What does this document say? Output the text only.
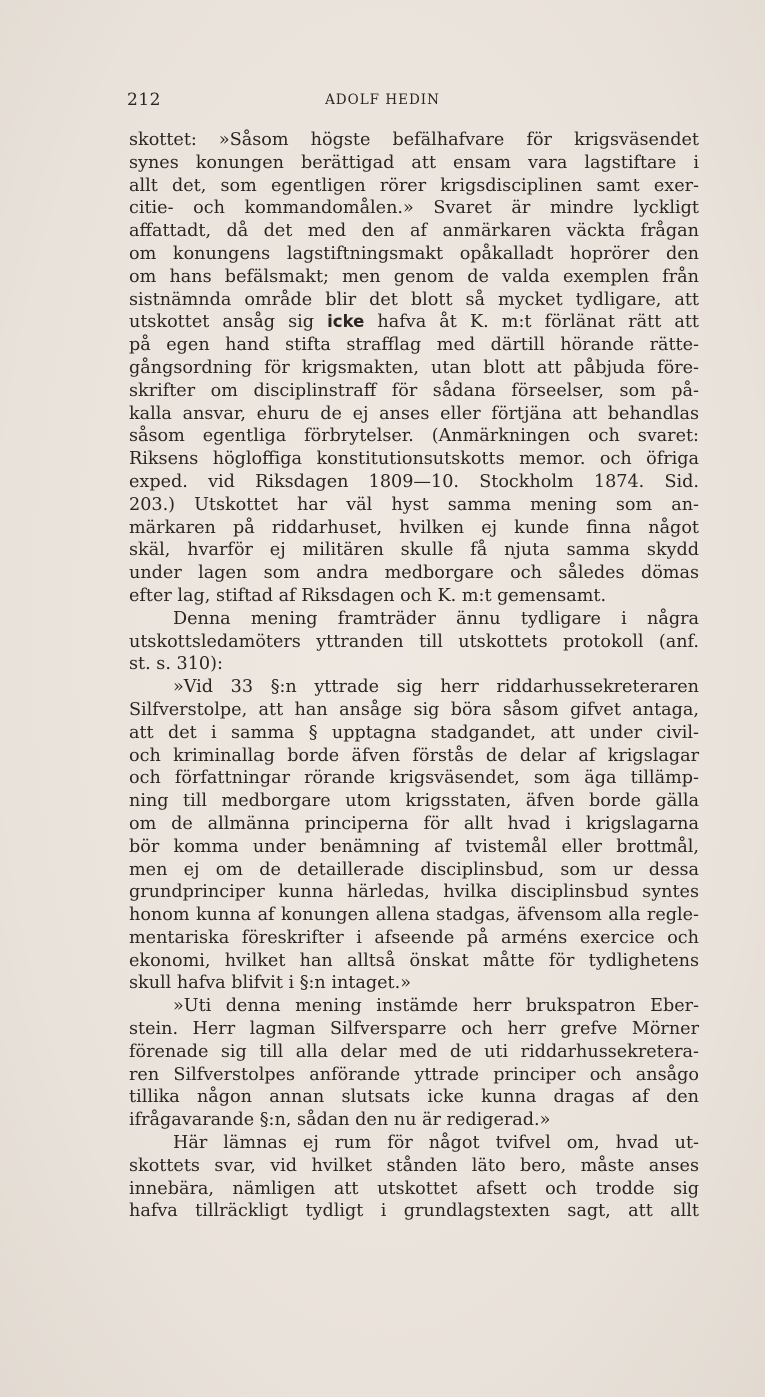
212	ADOLF HEDIN
skottet: »Såsom högste befälhafvare för krigsväsendet
synes konungen berättigad att ensam vara lagstiftare i
allt det, som egentligen rörer krigsdisciplinen samt exer-
citie- och kommandomålen.» Svaret är mindre lyckligt
affattadt, då det med den af anmärkaren väckta frågan
om konungens lagstiftningsmakt opåkalladt hoprörer den
om hans befälsmakt; men genom de valda exemplen från
sistnämnda område blir det blott så mycket tydligare, att
utskottet ansåg sig icke hafva åt K. m:t förlänat rätt att
på egen hand stifta strafflag med därtill hörande rätte-
gångsordning för krigsmakten, utan blott att påbjuda före-
skrifter om disciplinstraff för sådana förseelser, som på-
kalla ansvar, ehuru de ej anses eller förtjäna att behandlas
såsom egentliga förbrytelser. (Anmärkningen och svaret:
Riksens högloffiga konstitutionsutskotts memor. och öfriga
exped. vid Riksdagen 1809—10. Stockholm 1874. Sid.
203.) Utskottet har väl hyst samma mening som an-
märkaren på riddarhuset, hvilken ej kunde finna något
skäl, hvarför ej militären skulle få njuta samma skydd
under lagen som andra medborgare och således dömas
efter lag, stiftad af Riksdagen och K. m:t gemensamt.
Denna mening framträder ännu tydligare i några
utskottsledamöters yttranden till utskottets protokoll (anf.
st. s. 310):
»Vid 33 §:n yttrade sig herr riddarhussekreteraren
Silfverstolpe, att han ansåge sig böra såsom gifvet antaga,
att det i samma § upptagna stadgandet, att under civil-
och kriminallag borde äfven förstås de delar af krigslagar
och författningar rörande krigsväsendet, som äga tillämp-
ning till medborgare utom krigsstaten, äfven borde gälla
om de allmänna principerna för allt hvad i krigslagarna
bör komma under benämning af tvistemål eller brottmål,
men ej om de detaillerade disciplinsbud, som ur dessa
grundprinciper kunna härledas, hvilka disciplinsbud syntes
honom kunna af konungen allena stadgas, äfvensom alla regle-
mentariska föreskrifter i afseende på arméns exercice och
ekonomi, hvilket han alltså önskat måtte för tydlighetens
skull hafva blifvit i §:n intaget.»
»Uti denna mening instämde herr brukspatron Eber-
stein. Herr lagman Silfversparre och herr grefve Mörner
förenade sig till alla delar med de uti riddarhussekretera-
ren Silfverstolpes anförande yttrade principer och ansågo
tillika någon annan slutsats icke kunna dragas af den
ifrågavarande §:n, sådan den nu är redigerad.»
Här lämnas ej rum för något tvifvel om, hvad ut-
skottets svar, vid hvilket stånden läto bero, måste anses
innebära, nämligen att utskottet afsett och trodde sig
hafva tillräckligt tydligt i grundlagstexten sagt, att allt
